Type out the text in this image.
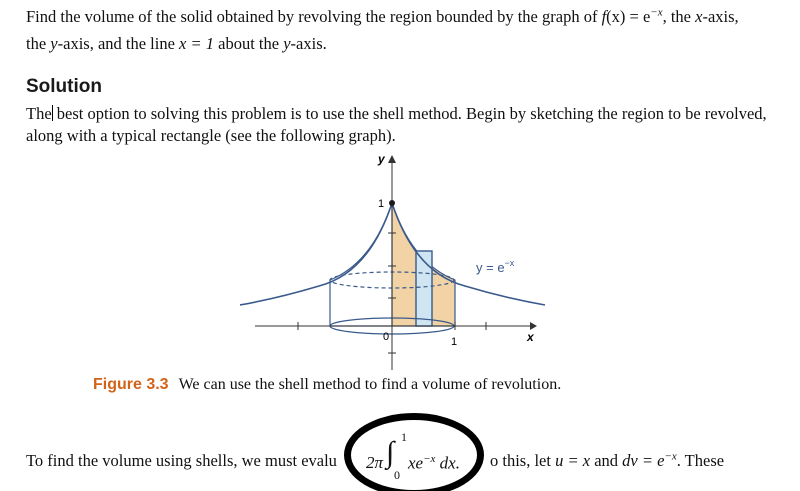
Find the volume of the solid obtained by revolving the region bounded by the graph of $f(x) = e^{-x}$, the x-axis,
the y-axis, and the line x = 1 about the y-axis.
Solution
The best option to solving this problem is to use the shell method. Begin by sketching the region to be revolved, along with a typical rectangle (see the following graph).
y
x
1
1
0
$y = e^{-x}$
Figure 3.3 We can use the shell method to find a volume of revolution.
To find the volume using shells, we must evalu 2π ∫ 1
0
$xe^{-x}$ dx. o this, let u = x and dv = $e^{-x}$. These
